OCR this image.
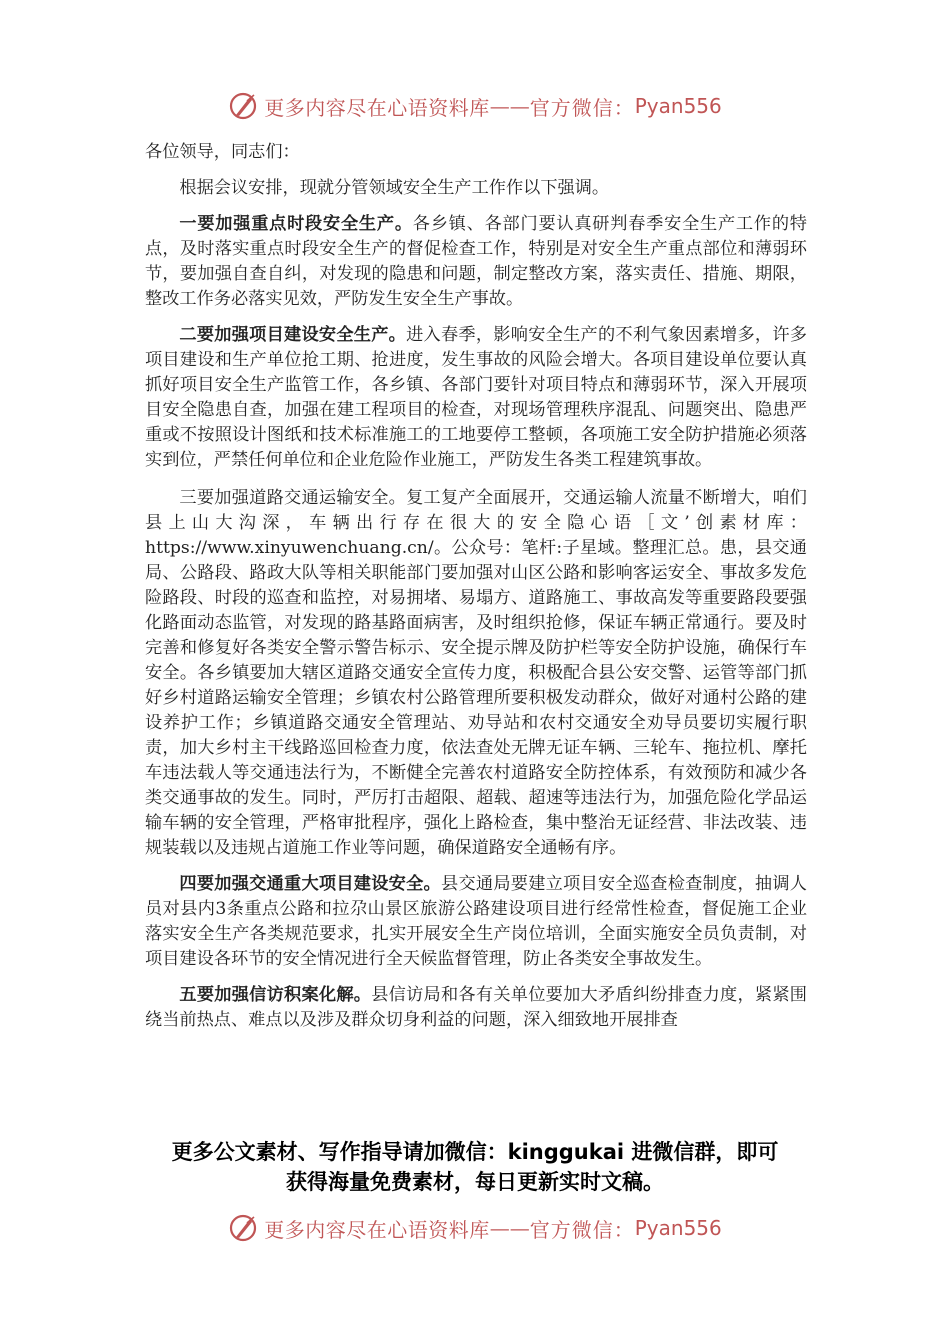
更多内容尽在心语资料库 —— 官方微信： Pyan556

各位领导，同志们：

根据会议安排，现就分管领域安全生产工作作以下强调。

一要加强重点时段安全生产。各乡镇、各部门要认真研判春季安全生产工作的特点，及时落实重点时段安全生产的督促检查工作，特别是对安全生产重点部位和薄弱环节，要加强自查自纠，对发现的隐患和问题，制定整改方案，落实责任、措施、期限，整改工作务必落实见效，严防发生安全生产事故。

二要加强项目建设安全生产。进入春季，影响安全生产的不利气象因素增多，许多项目建设和生产单位抢工期、抢进度，发生事故的风险会增大。各项目建设单位要认真抓好项目安全生产监管工作，各乡镇、各部门要针对项目特点和薄弱环节，深入开展项目安全隐患自查，加强在建工程项目的检查，对现场管理秩序混乱、问题突出、隐患严重或不按照设计图纸和技术标准施工的工地要停工整顿，各项施工安全防护措施必须落实到位，严禁任何单位和企业危险作业施工，严防发生各类工程建筑事故。

三要加强道路交通运输安全。复工复产全面展开，交通运输人流量不断增大，咱们县上山大沟深，车辆出行存在很大的安全隐心语［文’创素材库：https://www.xinyuwenchuang.cn/。公众号：笔杆:子星域。整理汇总。患，县交通局、公路段、路政大队等相关职能部门要加强对山区公路和影响客运安全、事故多发危险路段、时段的巡查和监控，对易拥堵、易塌方、道路施工、事故高发等重要路段要强化路面动态监管，对发现的路基路面病害，及时组织抢修，保证车辆正常通行。要及时完善和修复好各类安全警示警告标示、安全提示牌及防护栏等安全防护设施，确保行车安全。各乡镇要加大辖区道路交通安全宣传力度，积极配合县公安交警、运管等部门抓好乡村道路运输安全管理；乡镇农村公路管理所要积极发动群众，做好对通村公路的建设养护工作；乡镇道路交通安全管理站、劝导站和农村交通安全劝导员要切实履行职责，加大乡村主干线路巡回检查力度，依法查处无牌无证车辆、三轮车、拖拉机、摩托车违法载人等交通违法行为，不断健全完善农村道路安全防控体系，有效预防和减少各类交通事故的发生。同时，严厉打击超限、超载、超速等违法行为，加强危险化学品运输车辆的安全管理，严格审批程序，强化上路检查，集中整治无证经营、非法改装、违规装载以及违规占道施工作业等问题，确保道路安全通畅有序。

四要加强交通重大项目建设安全。县交通局要建立项目安全巡查检查制度，抽调人员对县内3条重点公路和拉尕山景区旅游公路建设项目进行经常性检查，督促施工企业落实安全生产各类规范要求，扎实开展安全生产岗位培训，全面实施安全员负责制，对项目建设各环节的安全情况进行全天候监督管理，防止各类安全事故发生。

五要加强信访积案化解。县信访局和各有关单位要加大矛盾纠纷排查力度，紧紧围绕当前热点、难点以及涉及群众切身利益的问题，深入细致地开展排查

更多公文素材、写作指导请加微信：kinggukai 进微信群，即可
获得海量免费素材，每日更新实时文稿。
更多内容尽在心语资料库 —— 官方微信： Pyan556
